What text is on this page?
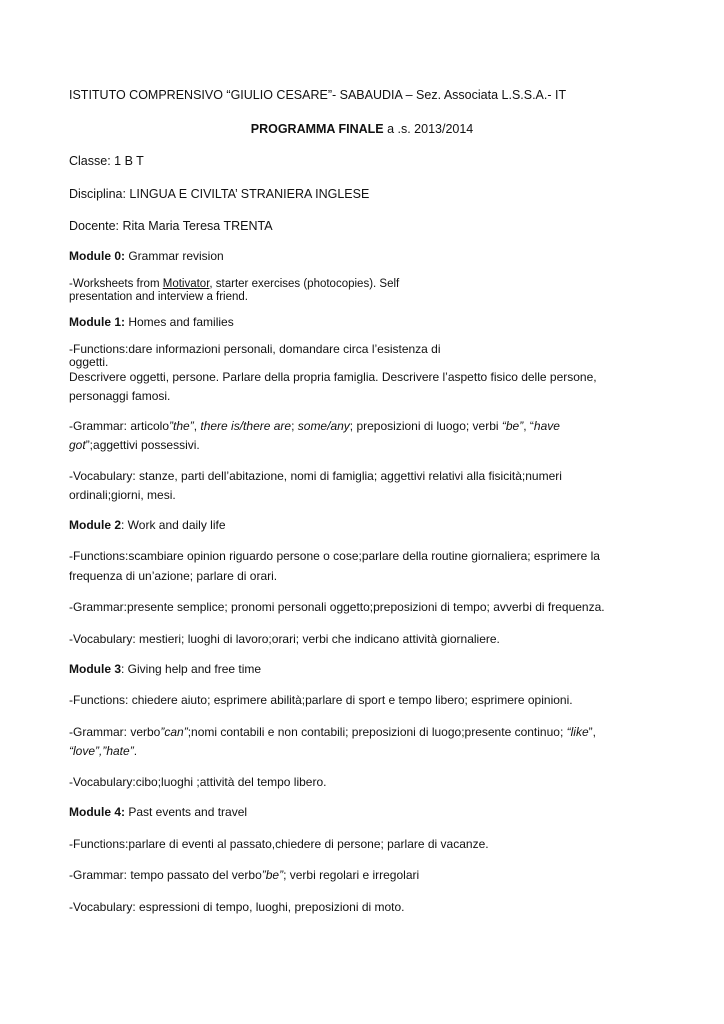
ISTITUTO COMPRENSIVO “GIULIO CESARE”- SABAUDIA – Sez. Associata L.S.S.A.- IT
PROGRAMMA FINALE a .s. 2013/2014
Classe: 1 B T
Disciplina: LINGUA E CIVILTA’ STRANIERA INGLESE
Docente: Rita Maria Teresa TRENTA
Module 0: Grammar revision
-Worksheets from Motivator, starter exercises (photocopies). Self
presentation and interview a friend.
Module 1: Homes and families
-Functions:dare informazioni personali, domandare circa l’esistenza di
oggetti.
Descrivere oggetti, persone. Parlare della propria famiglia. Descrivere l’aspetto fisico delle persone,
personaggi famosi.
-Grammar: articolo”the”, there is/there are; some/any; preposizioni di luogo; verbi “be”, “have
got”;aggettivi possessivi.
-Vocabulary: stanze, parti dell’abitazione, nomi di famiglia; aggettivi relativi alla fisicità;numeri
ordinali;giorni, mesi.
Module 2: Work and daily life
-Functions:scambiare opinion riguardo persone o cose;parlare della routine giornaliera; esprimere la
frequenza di un’azione; parlare di orari.
-Grammar:presente semplice; pronomi personali oggetto;preposizioni di tempo; avverbi di frequenza.
-Vocabulary: mestieri; luoghi di lavoro;orari; verbi che indicano attività giornaliere.
Module 3: Giving help and free time
-Functions: chiedere aiuto; esprimere abilità;parlare di sport e tempo libero; esprimere opinioni.
-Grammar: verbo”can”;nomi contabili e non contabili; preposizioni di luogo;presente continuo; “like”,
“love”,”hate”.
-Vocabulary:cibo;luoghi ;attività del tempo libero.
Module 4: Past events and travel
-Functions:parlare di eventi al passato,chiedere di persone; parlare di vacanze.
-Grammar: tempo passato del verbo”be”; verbi regolari e irregolari
-Vocabulary: espressioni di tempo, luoghi, preposizioni di moto.
